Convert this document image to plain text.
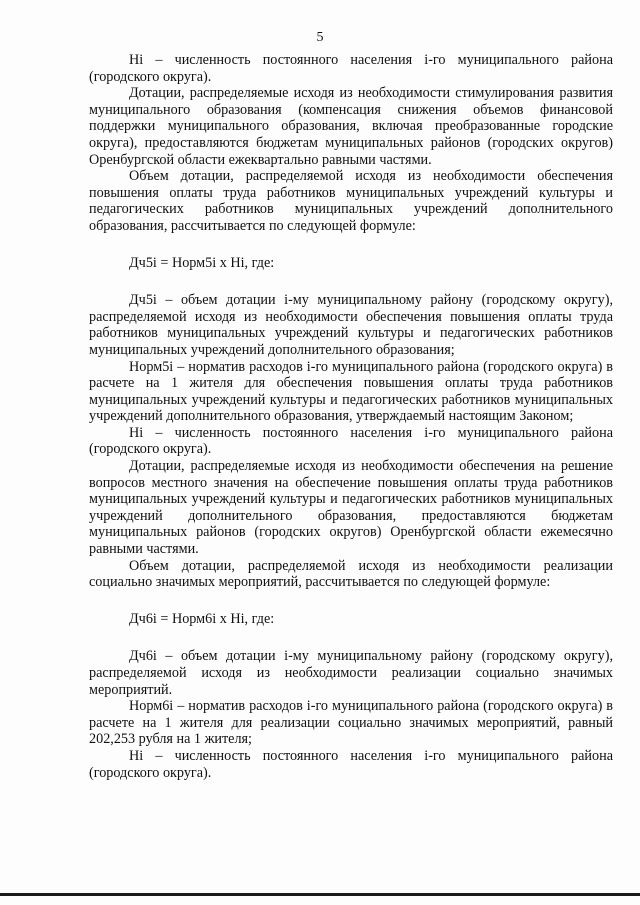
5

Ні – численность постоянного населения і-го муниципального района (городского округа).

Дотации, распределяемые исходя из необходимости стимулирования развития муниципального образования (компенсация снижения объемов финансовой поддержки муниципального образования, включая преобразованные городские округа), предоставляются бюджетам муниципальных районов (городских округов) Оренбургской области ежеквартально равными частями.

Объем дотации, распределяемой исходя из необходимости обеспечения повышения оплаты труда работников муниципальных учреждений культуры и педагогических работников муниципальных учреждений дополнительного образования, рассчитывается по следующей формуле:

Дч5і = Норм5і х Ні, где:

Дч5і – объем дотации і-му муниципальному району (городскому округу), распределяемой исходя из необходимости обеспечения повышения оплаты труда работников муниципальных учреждений культуры и педагогических работников муниципальных учреждений дополнительного образования;

Норм5і – норматив расходов і-го муниципального района (городского округа) в расчете на 1 жителя для обеспечения повышения оплаты труда работников муниципальных учреждений культуры и педагогических работников муниципальных учреждений дополнительного образования, утверждаемый настоящим Законом;

Ні – численность постоянного населения і-го муниципального района (городского округа).

Дотации, распределяемые исходя из необходимости обеспечения на решение вопросов местного значения на обеспечение повышения оплаты труда работников муниципальных учреждений культуры и педагогических работников муниципальных учреждений дополнительного образования, предоставляются бюджетам муниципальных районов (городских округов) Оренбургской области ежемесячно равными частями.

Объем дотации, распределяемой исходя из необходимости реализации социально значимых мероприятий, рассчитывается по следующей формуле:

Дч6і = Норм6і х Ні, где:

Дч6і – объем дотации і-му муниципальному району (городскому округу), распределяемой исходя из необходимости реализации социально значимых мероприятий.

Норм6і – норматив расходов і-го муниципального района (городского округа) в расчете на 1 жителя для реализации социально значимых мероприятий, равный 202,253 рубля на 1 жителя;

Ні – численность постоянного населения і-го муниципального района (городского округа).
